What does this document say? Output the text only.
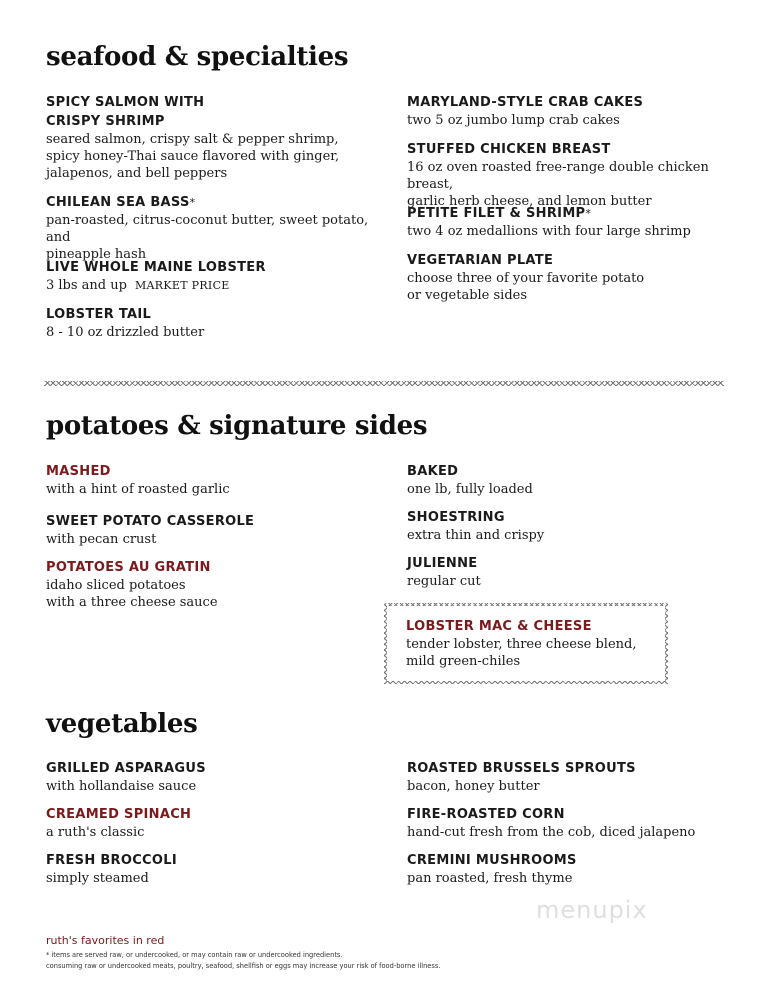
seafood & specialties
SPICY SALMON WITH
CRISPY SHRIMP
seared salmon, crispy salt & pepper shrimp,
spicy honey-Thai sauce flavored with ginger,
jalapenos, and bell peppers
CHILEAN SEA BASS*
pan-roasted, citrus-coconut butter, sweet potato, and
pineapple hash
LIVE WHOLE MAINE LOBSTER
3 lbs and up MARKET PRICE
LOBSTER TAIL
8 - 10 oz drizzled butter
MARYLAND-STYLE CRAB CAKES
two 5 oz jumbo lump crab cakes
STUFFED CHICKEN BREAST
16 oz oven roasted free-range double chicken breast,
garlic herb cheese, and lemon butter
PETITE FILET & SHRIMP*
two 4 oz medallions with four large shrimp
VEGETARIAN PLATE
choose three of your favorite potato
or vegetable sides
potatoes & signature sides
MASHED
with a hint of roasted garlic
SWEET POTATO CASSEROLE
with pecan crust
POTATOES AU GRATIN
idaho sliced potatoes
with a three cheese sauce
BAKED
one lb, fully loaded
SHOESTRING
extra thin and crispy
JULIENNE
regular cut
LOBSTER MAC & CHEESE
tender lobster, three cheese blend,
mild green-chiles
vegetables
GRILLED ASPARAGUS
with hollandaise sauce
CREAMED SPINACH
a ruth's classic
FRESH BROCCOLI
simply steamed
ROASTED BRUSSELS SPROUTS
bacon, honey butter
FIRE-ROASTED CORN
hand-cut fresh from the cob, diced jalapeno
CREMINI MUSHROOMS
pan roasted, fresh thyme
menupix
ruth's favorites in red
* items are served raw, or undercooked, or may contain raw or undercooked ingredients.
consuming raw or undercooked meats, poultry, seafood, shellfish or eggs may increase your risk of food-borne illness.
